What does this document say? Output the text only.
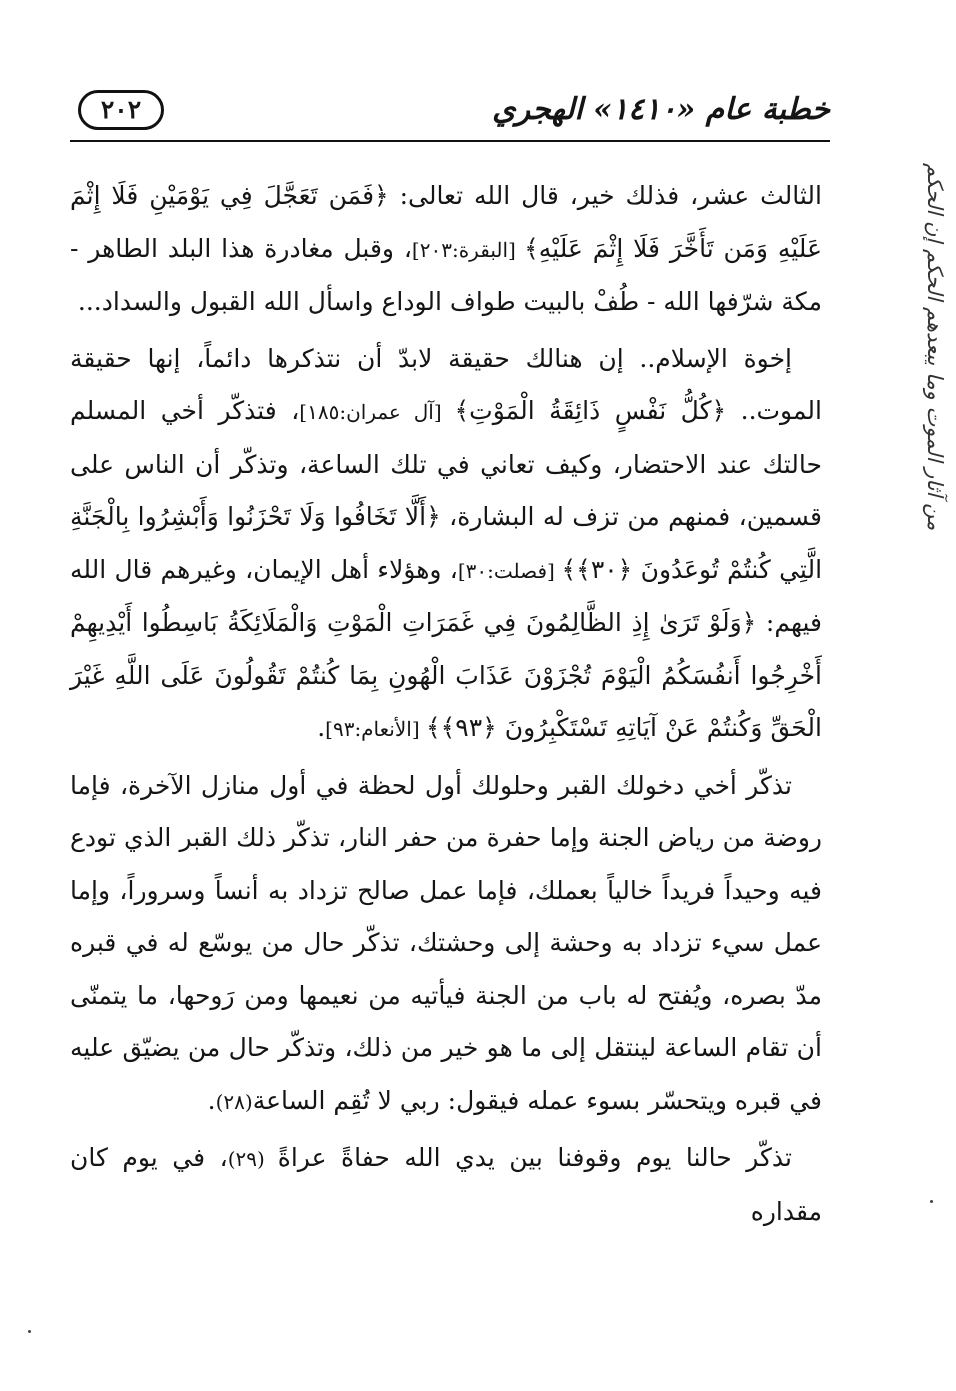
٢٠٢	خطبة عام «١٤١٠» الهجري

الثالث عشر، فذلك خير، قال الله تعالى: ﴿فَمَن تَعَجَّلَ فِي يَوْمَيْنِ فَلَا إِثْمَ عَلَيْهِ وَمَن تَأَخَّرَ فَلَا إِثْمَ عَلَيْهِ﴾ [البقرة:٢٠٣]، وقبل مغادرة هذا البلد الطاهر - مكة شرّفها الله - طُفْ بالبيت طواف الوداع واسأل الله القبول والسداد...

إخوة الإسلام.. إن هنالك حقيقة لابدّ أن نتذكرها دائماً، إنها حقيقة الموت.. ﴿كُلُّ نَفْسٍ ذَائِقَةُ الْمَوْتِ﴾ [آل عمران:١٨٥]، فتذكّر أخي المسلم حالتك عند الاحتضار، وكيف تعاني في تلك الساعة، وتذكّر أن الناس على قسمين، فمنهم من تزف له البشارة، ﴿أَلَّا تَخَافُوا وَلَا تَحْزَنُوا وَأَبْشِرُوا بِالْجَنَّةِ الَّتِي كُنتُمْ تُوعَدُونَ ﴿٣٠﴾﴾ [فصلت:٣٠]، وهؤلاء أهل الإيمان، وغيرهم قال الله فيهم: ﴿وَلَوْ تَرَىٰ إِذِ الظَّالِمُونَ فِي غَمَرَاتِ الْمَوْتِ وَالْمَلَائِكَةُ بَاسِطُوا أَيْدِيهِمْ أَخْرِجُوا أَنفُسَكُمُ الْيَوْمَ تُجْزَوْنَ عَذَابَ الْهُونِ بِمَا كُنتُمْ تَقُولُونَ عَلَى اللَّهِ غَيْرَ الْحَقِّ وَكُنتُمْ عَنْ آيَاتِهِ تَسْتَكْبِرُونَ ﴿٩٣﴾﴾ [الأنعام:٩٣].

تذكّر أخي دخولك القبر وحلولك أول لحظة في أول منازل الآخرة، فإما روضة من رياض الجنة وإما حفرة من حفر النار، تذكّر ذلك القبر الذي تودع فيه وحيداً فريداً خالياً بعملك، فإما عمل صالح تزداد به أنساً وسروراً، وإما عمل سيء تزداد به وحشة إلى وحشتك، تذكّر حال من يوسّع له في قبره مدّ بصره، ويُفتح له باب من الجنة فيأتيه من نعيمها ومن رَوحها، ما يتمنّى أن تقام الساعة لينتقل إلى ما هو خير من ذلك، وتذكّر حال من يضيّق عليه في قبره ويتحسّر بسوء عمله فيقول: ربي لا تُقِم الساعة(٢٨).

تذكّر حالنا يوم وقوفنا بين يدي الله حفاةً عراةً (٢٩)، في يوم كان مقداره

من آثار الموت وما يبعدهم الحكم إن الحكم
